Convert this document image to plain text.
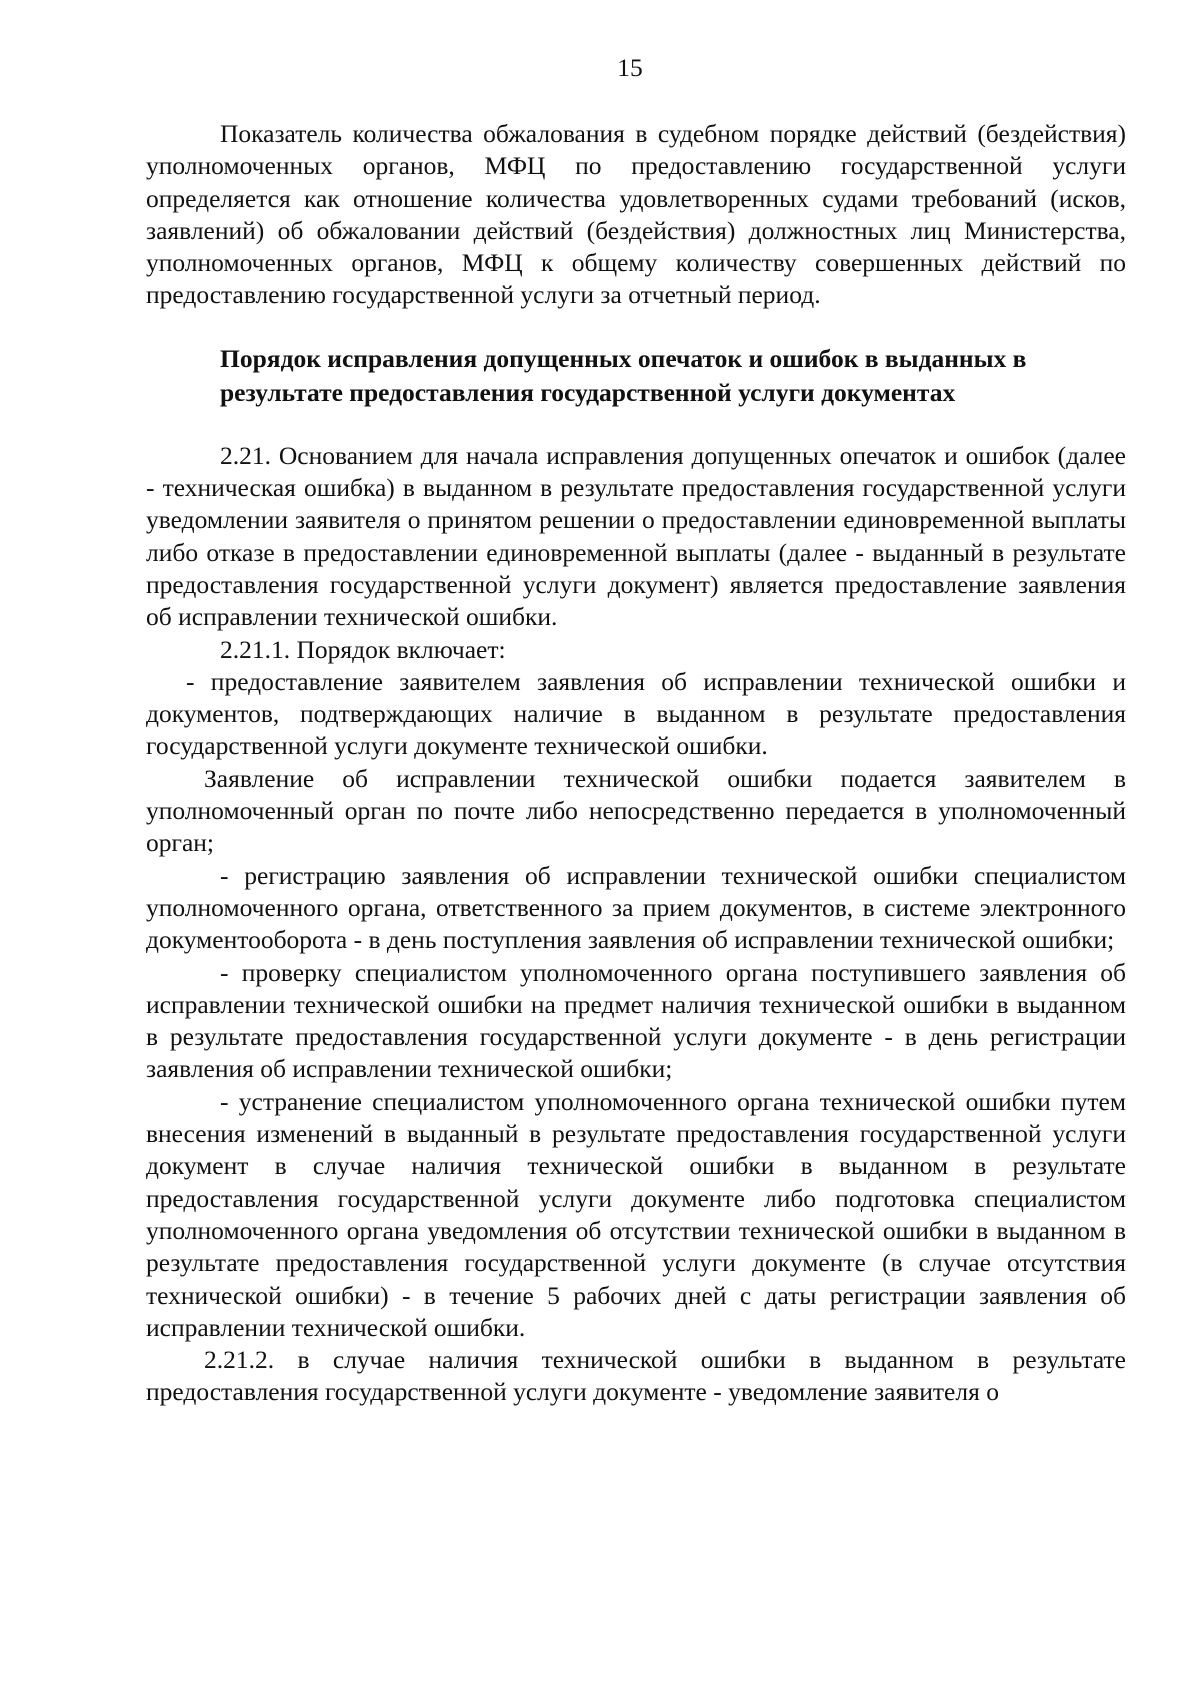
15

Показатель количества обжалования в судебном порядке действий (бездействия) уполномоченных органов, МФЦ по предоставлению государственной услуги определяется как отношение количества удовлетворенных судами требований (исков, заявлений) об обжаловании действий (бездействия) должностных лиц Министерства, уполномоченных органов, МФЦ к общему количеству совершенных действий по предоставлению государственной услуги за отчетный период.

Порядок исправления допущенных опечаток и ошибок в выданных в результате предоставления государственной услуги документах

2.21. Основанием для начала исправления допущенных опечаток и ошибок (далее - техническая ошибка) в выданном в результате предоставления государственной услуги уведомлении заявителя о принятом решении о предоставлении единовременной выплаты либо отказе в предоставлении единовременной выплаты (далее - выданный в результате предоставления государственной услуги документ) является предоставление заявления об исправлении технической ошибки.

2.21.1. Порядок включает:

- предоставление заявителем заявления об исправлении технической ошибки и документов, подтверждающих наличие в выданном в результате предоставления государственной услуги документе технической ошибки.

Заявление об исправлении технической ошибки подается заявителем в уполномоченный орган по почте либо непосредственно передается в уполномоченный орган;

- регистрацию заявления об исправлении технической ошибки специалистом уполномоченного органа, ответственного за прием документов, в системе электронного документооборота - в день поступления заявления об исправлении технической ошибки;

- проверку специалистом уполномоченного органа поступившего заявления об исправлении технической ошибки на предмет наличия технической ошибки в выданном в результате предоставления государственной услуги документе - в день регистрации заявления об исправлении технической ошибки;

- устранение специалистом уполномоченного органа технической ошибки путем внесения изменений в выданный в результате предоставления государственной услуги документ в случае наличия технической ошибки в выданном в результате предоставления государственной услуги документе либо подготовка специалистом уполномоченного органа уведомления об отсутствии технической ошибки в выданном в результате предоставления государственной услуги документе (в случае отсутствия технической ошибки) - в течение 5 рабочих дней с даты регистрации заявления об исправлении технической ошибки.

2.21.2. в случае наличия технической ошибки в выданном в результате предоставления государственной услуги документе - уведомление заявителя о
